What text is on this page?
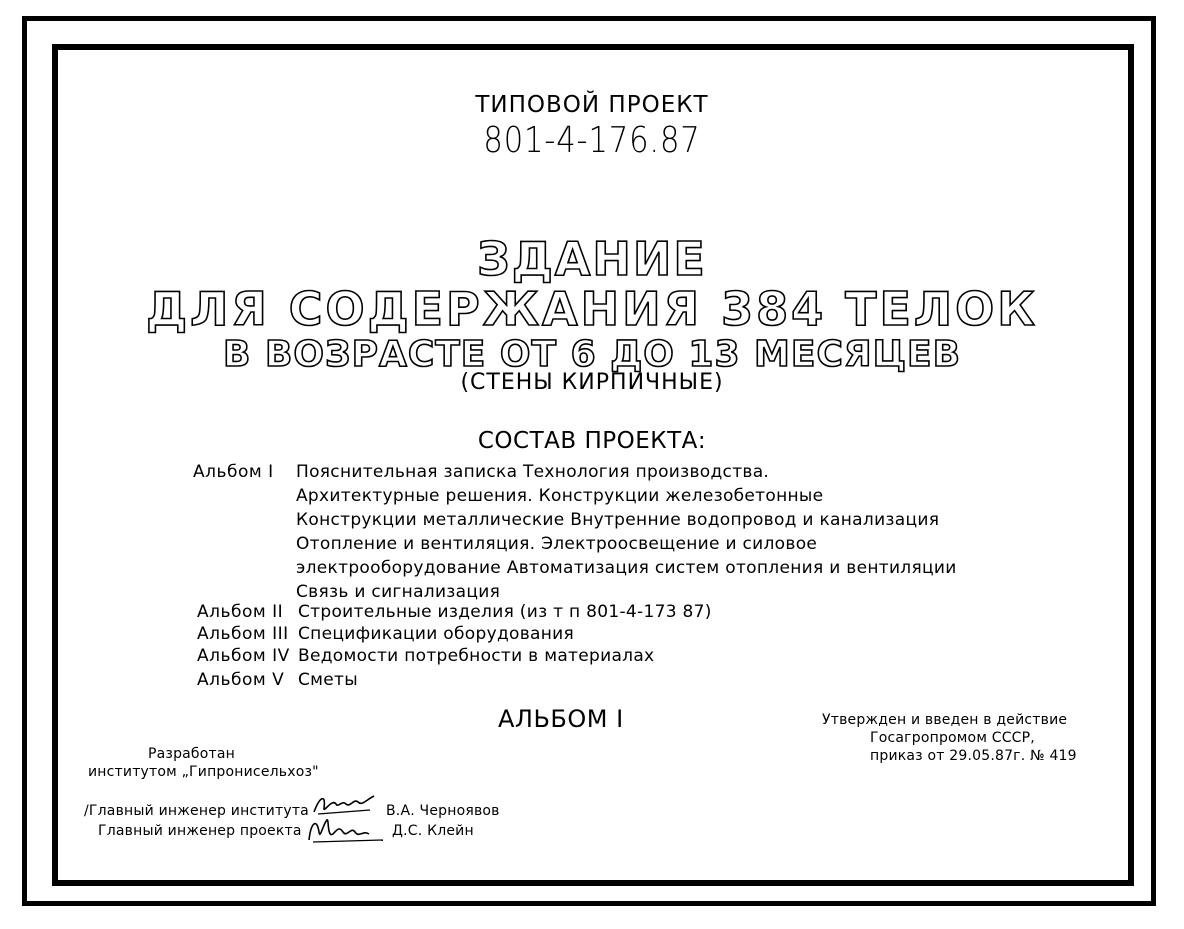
ТИПОВОЙ ПРОЕКТ
801-4-176.87
ЗДАНИЕ
ДЛЯ СОДЕРЖАНИЯ 384 ТЕЛОК
В ВОЗРАСТЕ ОТ 6 ДО 13 МЕСЯЦЕВ
(СТЕНЫ КИРПИЧНЫЕ)
СОСТАВ ПРОЕКТА:
Альбом I Пояснительная записка Технология производства.
Архитектурные решения. Конструкции железобетонные
Конструкции металлические Внутренние водопровод и канализация
Отопление и вентиляция. Электроосвещение и силовое
электрооборудование Автоматизация систем отопления и вентиляции
Связь и сигнализация
Альбом II Строительные изделия (из т п 801-4-173 87)
Альбом III Спецификации оборудования
Альбом IV Ведомости потребности в материалах
Альбом V Сметы
АЛЬБОМ I	Утвержден и введен в действие
Госагропромом СССР,
приказ от 29.05.87г. № 419
Разработан
институтом „Гипронисельхоз"
/Главный инженер института	В.А. Черноявов
Главный инженер проекта	Д.С. Клейн
